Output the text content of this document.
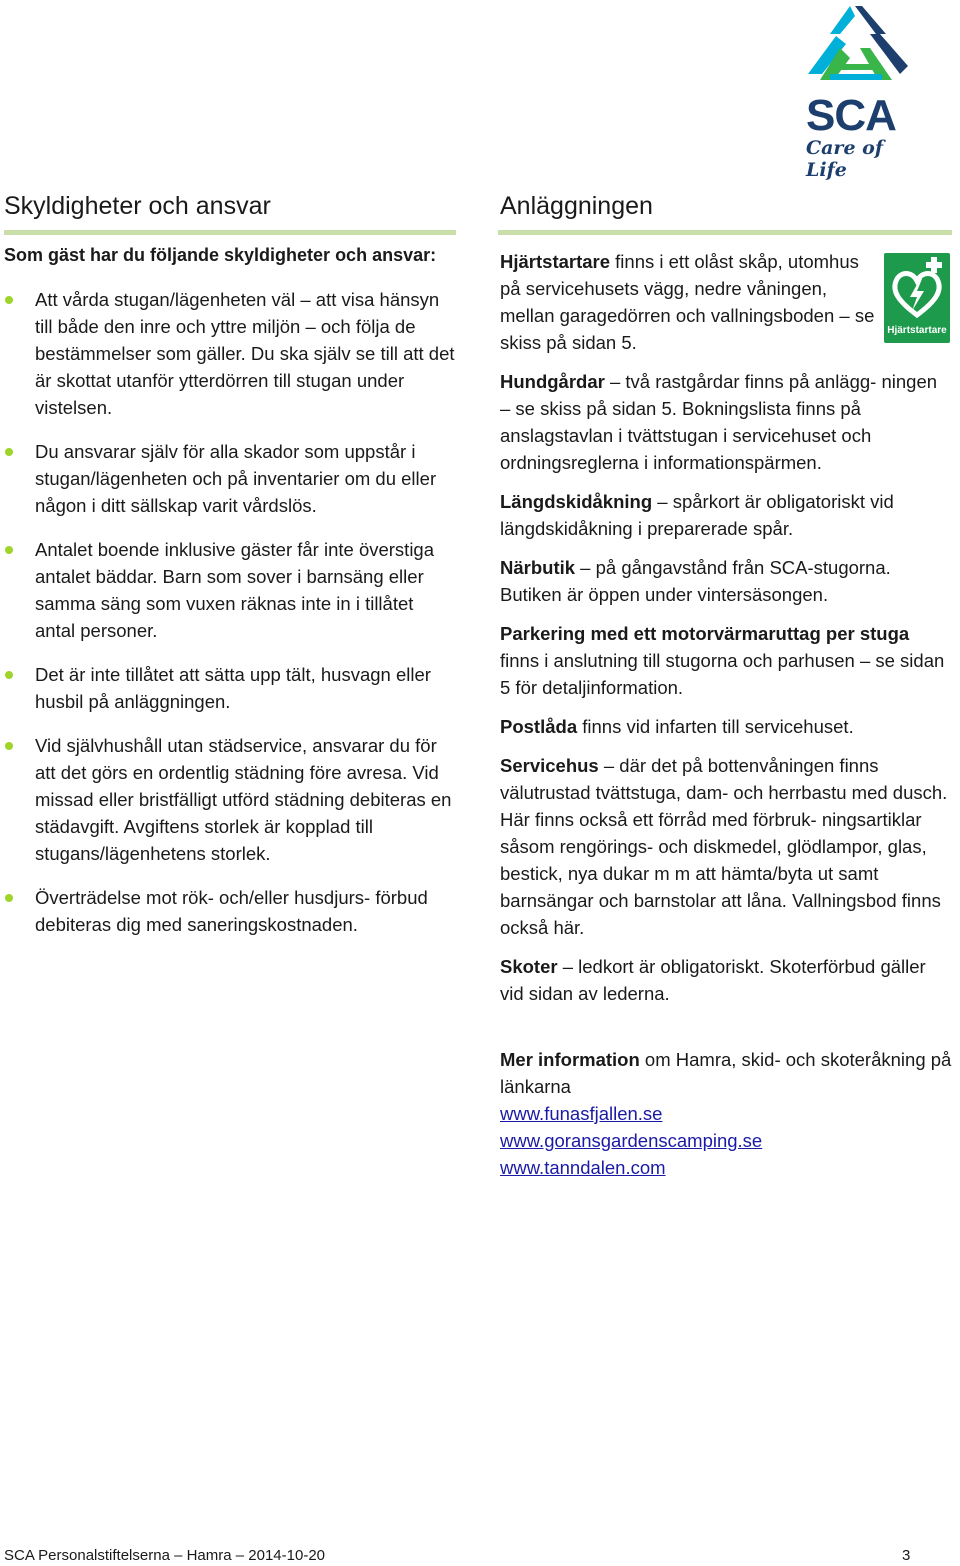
SCA
Care of Life
Skyldigheter och ansvar
Som gäst har du följande skyldigheter och ansvar:
Att vårda stugan/lägenheten väl – att visa hänsyn till både den inre och yttre miljön – och följa de bestämmelser som gäller. Du ska själv se till att det är skottat utanför ytterdörren till stugan under vistelsen.
Du ansvarar själv för alla skador som uppstår i stugan/lägenheten och på inventarier om du eller någon i ditt sällskap varit vårdslös.
Antalet boende inklusive gäster får inte överstiga antalet bäddar. Barn som sover i barnsäng eller samma säng som vuxen räknas inte in i tillåtet antal personer.
Det är inte tillåtet att sätta upp tält, husvagn eller husbil på anläggningen.
Vid självhushåll utan städservice, ansvarar du för att det görs en ordentlig städning före avresa. Vid missad eller bristfälligt utförd städning debiteras en städavgift. Avgiftens storlek är kopplad till stugans/lägenhetens storlek.
Överträdelse mot rök- och/eller husdjurs- förbud debiteras dig med saneringskostnaden.
Anläggningen
Hjärtstartare
Hjärtstartare finns i ett olåst skåp, utomhus på servicehusets vägg, nedre våningen, mellan garagedörren och vallningsboden – se skiss på sidan 5.
Hundgårdar – två rastgårdar finns på anlägg- ningen – se skiss på sidan 5. Bokningslista finns på anslagstavlan i tvättstugan i servicehuset och ordningsreglerna i informationspärmen.
Längdskidåkning – spårkort är obligatoriskt vid längdskidåkning i preparerade spår.
Närbutik – på gångavstånd från SCA-stugorna. Butiken är öppen under vintersäsongen.
Parkering med ett motorvärmaruttag per stuga finns i anslutning till stugorna och parhusen – se sidan 5 för detaljinformation.
Postlåda finns vid infarten till servicehuset.
Servicehus – där det på bottenvåningen finns välutrustad tvättstuga, dam- och herrbastu med dusch. Här finns också ett förråd med förbruk- ningsartiklar såsom rengörings- och diskmedel, glödlampor, glas, bestick, nya dukar m m att hämta/byta ut samt barnsängar och barnstolar att låna. Vallningsbod finns också här.
Skoter – ledkort är obligatoriskt. Skoterförbud gäller vid sidan av lederna.
Mer information om Hamra, skid- och skoteråkning på länkarna
www.funasfjallen.se
www.goransgardenscamping.se
www.tanndalen.com
SCA Personalstiftelserna – Hamra – 2014-10-20	3
